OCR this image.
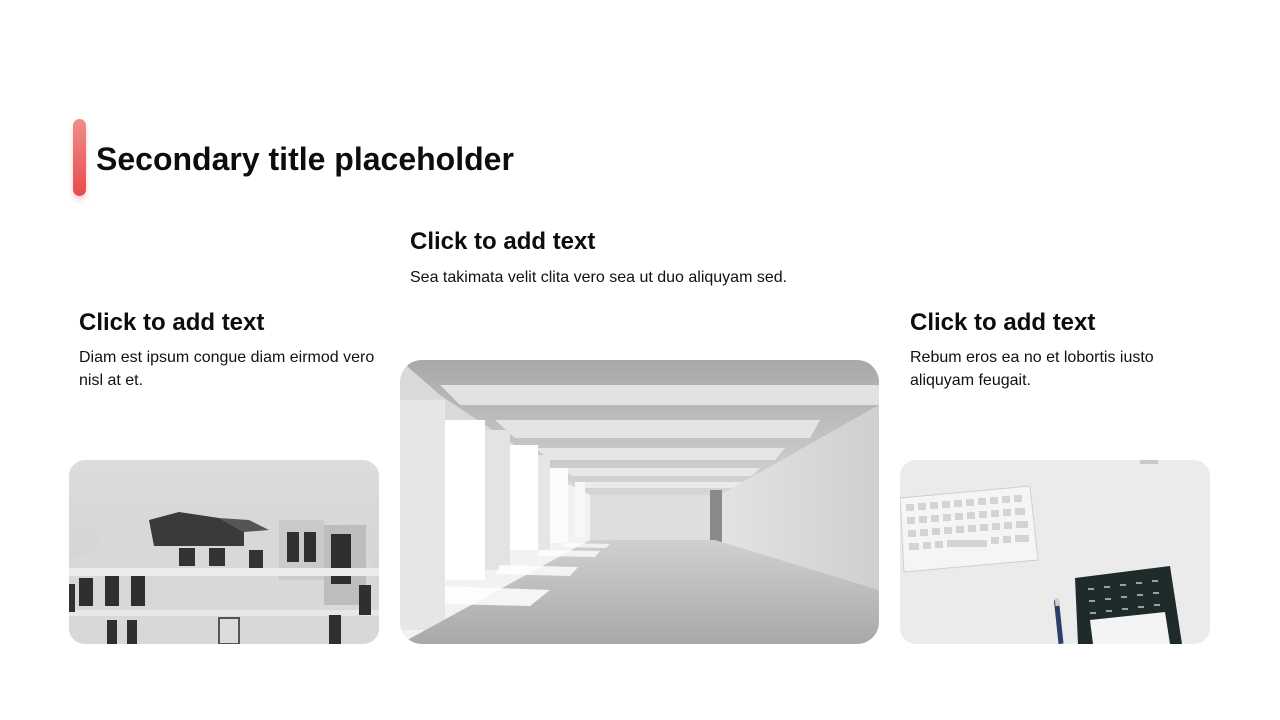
Secondary title placeholder
Click to add text

Diam est ipsum congue diam eirmod vero nisl at et.

Click to add text

Sea takimata velit clita vero sea ut duo aliquyam sed.

Click to add text

Rebum eros ea no et lobortis iusto aliquyam feugait.
